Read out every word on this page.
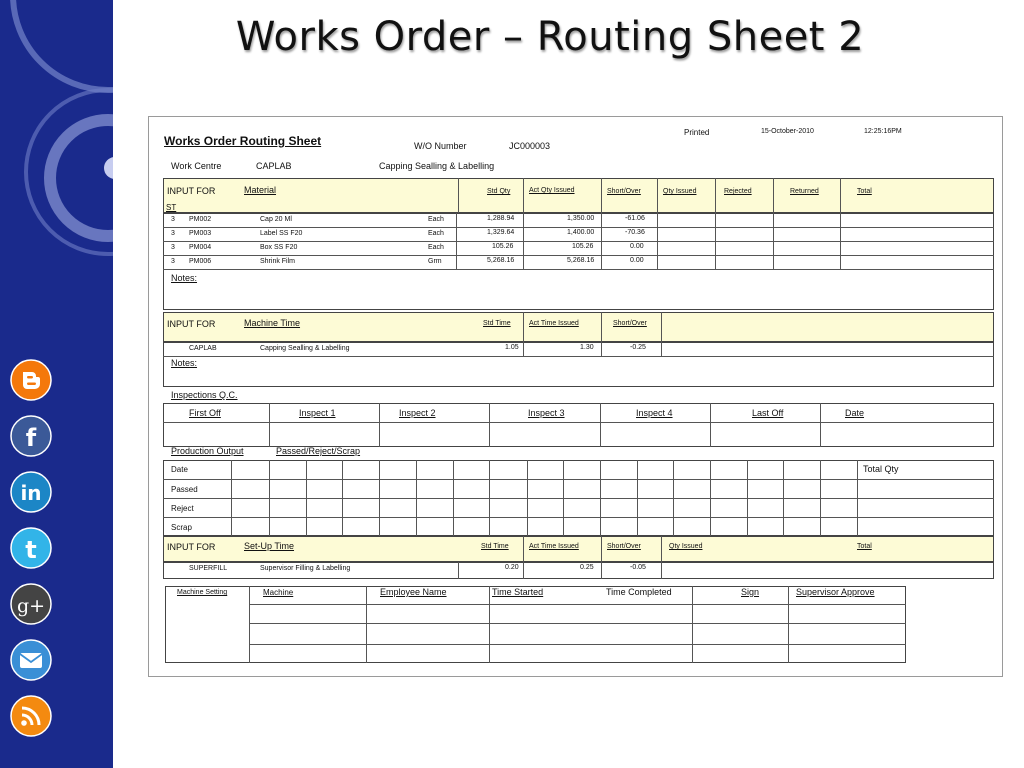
f
in
t
g+
Works Order – Routing Sheet 2
Works Order Routing Sheet	W/O Number	JC000003
Printed	15-October-2010	12:25:16PM
Work Centre	CAPLAB	Capping Sealling & Labelling
INPUT FOR	Material
ST
Std Qty	Act Qty Issued	Short/Over	Qty Issued	Rejected	Returned	Total
3 PM002	Cap 20 Ml	Each	1,288.94	1,350.00	-61.06
3 PM003	Label SS F20	Each	1,329.64	1,400.00	-70.36
3 PM004	Box SS F20	Each	105.26	105.26	0.00
3 PM006	Shrink Film	Grm	5,268.16	5,268.16	0.00
Notes:
INPUT FOR	Machine Time	Std Time	Act Time Issued	Short/Over
CAPLAB	Capping Sealling & Labelling	1.05	1.30	-0.25
Notes:
Inspections Q.C.
First Off	Inspect 1	Inspect 2	Inspect 3	Inspect 4	Last Off	Date
Production Output	Passed/Reject/Scrap
Date
Passed
Reject
Scrap
Total Qty
INPUT FOR	Set-Up Time	Std Time	Act Time Issued	Short/Over	Qty Issued	Total
SUPERFILL	Supervisor Filling & Labelling	0.20	0.25	-0.05
Machine Setting	Machine	Employee Name	Time Started	Time Completed	Sign	Supervisor Approve
